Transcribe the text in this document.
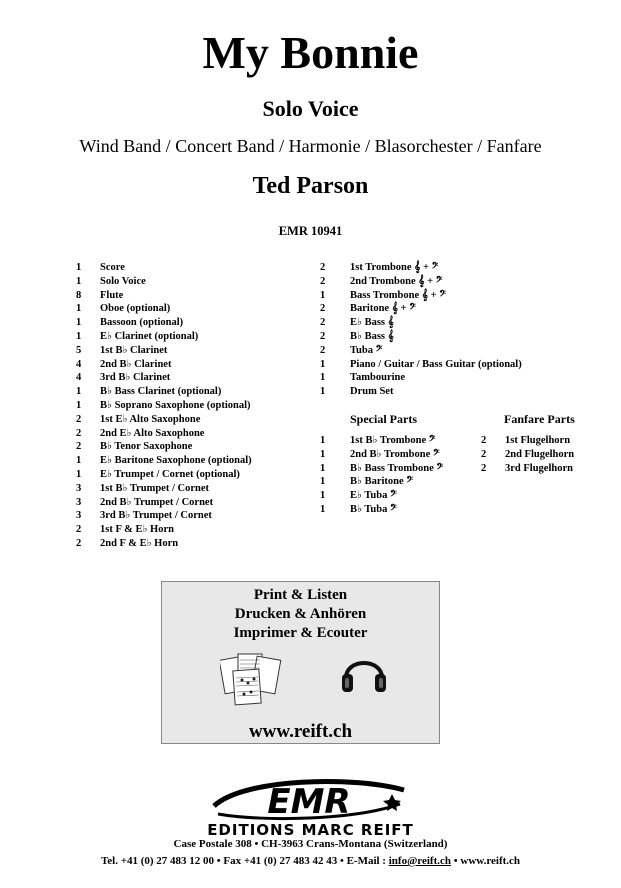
My Bonnie
Solo Voice
Wind Band / Concert Band / Harmonie / Blasorchester / Fanfare
Ted Parson
EMR 10941
1	Score
1	Solo Voice
8	Flute
1	Oboe (optional)
1	Bassoon (optional)
1	E♭ Clarinet (optional)
5	1st B♭ Clarinet
4	2nd B♭ Clarinet
4	3rd B♭ Clarinet
1	B♭ Bass Clarinet (optional)
1	B♭ Soprano Saxophone (optional)
2	1st E♭ Alto Saxophone
2	2nd E♭ Alto Saxophone
2	B♭ Tenor Saxophone
1	E♭ Baritone Saxophone (optional)
1	E♭ Trumpet / Cornet (optional)
3	1st B♭ Trumpet / Cornet
3	2nd B♭ Trumpet / Cornet
3	3rd B♭ Trumpet / Cornet
2	1st F & E♭ Horn
2	2nd F & E♭ Horn
2	1st Trombone 𝄞 + 𝄢
2	2nd Trombone 𝄞 + 𝄢
1	Bass Trombone 𝄞 + 𝄢
2	Baritone 𝄞 + 𝄢
2	E♭ Bass 𝄞
2	B♭ Bass 𝄞
2	Tuba 𝄢
1	Piano / Guitar / Bass Guitar (optional)
1	Tambourine
1	Drum Set
Special Parts	Fanfare Parts
1	1st B♭ Trombone 𝄢
1	2nd B♭ Trombone 𝄢
1	B♭ Bass Trombone 𝄢
1	B♭ Baritone 𝄢
1	E♭ Tuba 𝄢
1	B♭ Tuba 𝄢
2	1st Flugelhorn
2	2nd Flugelhorn
2	3rd Flugelhorn
Print & Listen
Drucken & Anhören
Imprimer & Ecouter
www.reift.ch
EMR
EDITIONS MARC REIFT
Case Postale 308 • CH-3963 Crans-Montana (Switzerland)
Tel. +41 (0) 27 483 12 00 • Fax +41 (0) 27 483 42 43 • E-Mail : info@reift.ch • www.reift.ch
